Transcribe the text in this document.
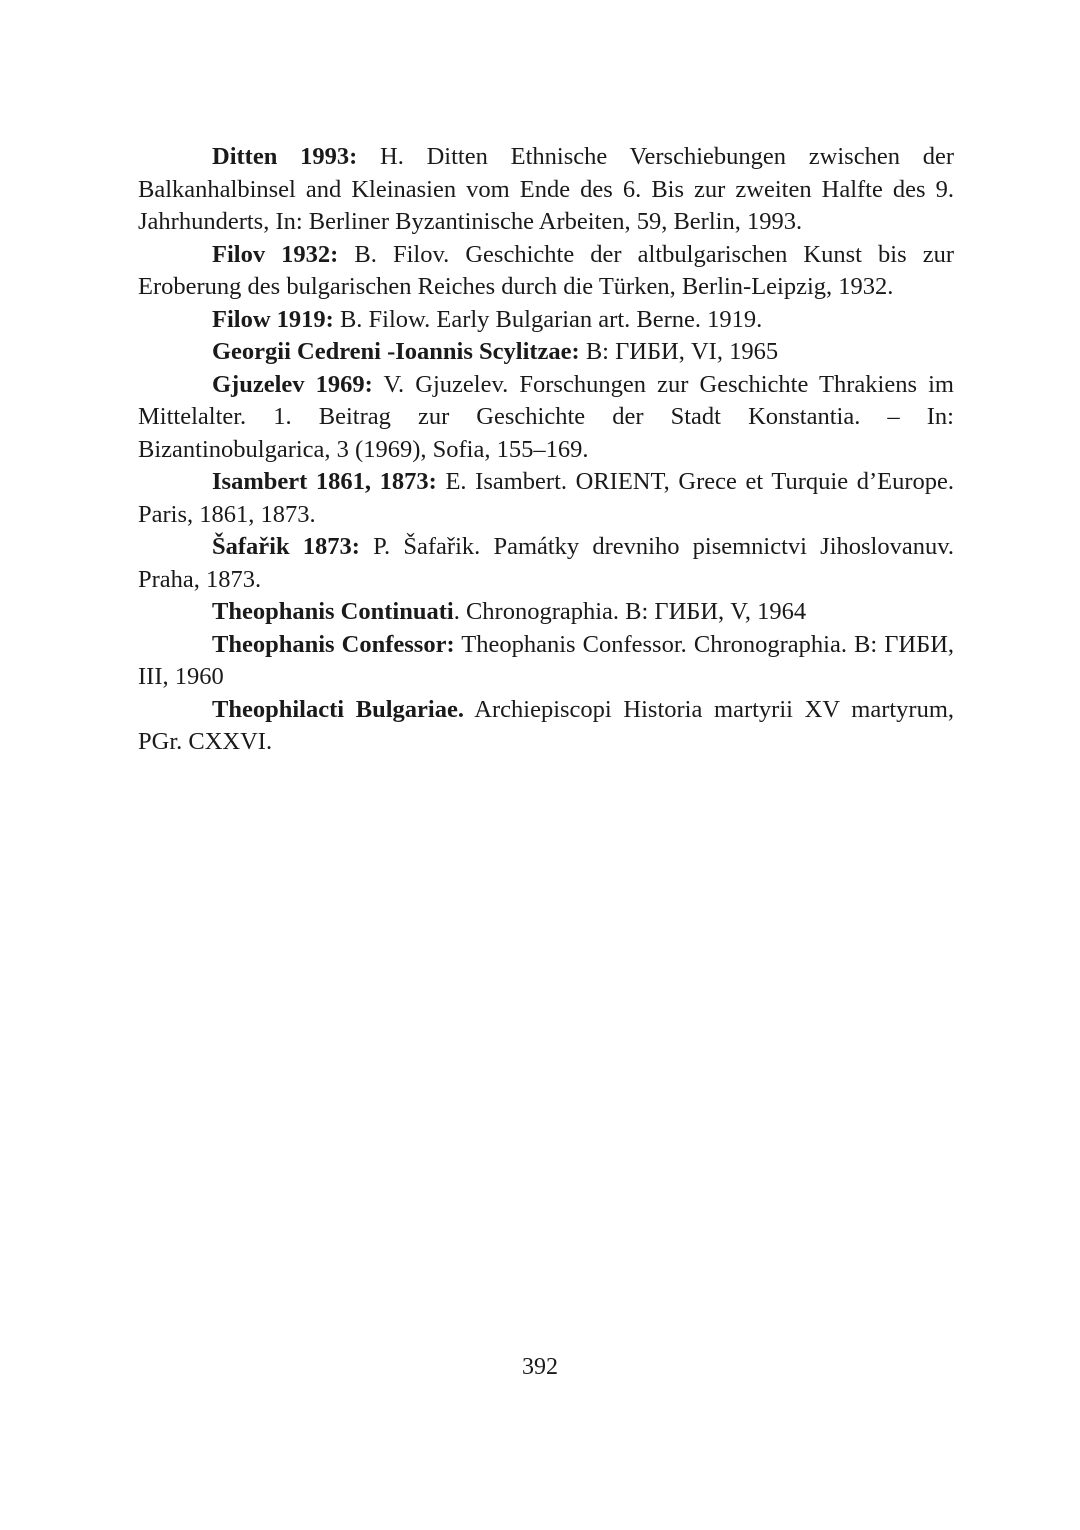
Ditten 1993: H. Ditten Ethnische Verschiebungen zwischen der Balkanhalbinsel and Kleinasien vom Ende des 6. Bis zur zweiten Halfte des 9. Jahrhunderts, In: Berliner Byzantinische Arbeiten, 59, Berlin, 1993.

Filov 1932: B. Filov. Geschichte der altbulgarischen Kunst bis zur Eroberung des bulgarischen Reiches durch die Türken, Berlin-Leipzig, 1932.

Filow 1919: B. Filow. Early Bulgarian art. Berne. 1919.

Georgii Cedreni -Ioannis Scylitzae: B: ГИБИ, VI, 1965

Gjuzelev 1969: V. Gjuzelev. Forschungen zur Geschichte Thrakiens im Mittelalter. 1. Beitrag zur Geschichte der Stadt Konstantia. – In: Bizantinobulgarica, 3 (1969), Sofia, 155–169.

Isambert 1861, 1873: E. Isambert. ORIENT, Grece et Turquie d’Europe. Paris, 1861, 1873.

Šafařik 1873: P. Šafařik. Památky drevniho pisemnictvi Jihoslovanuv. Praha, 1873.

Theophanis Continuati. Chronographia. B: ГИБИ, V, 1964

Theophanis Confessor: Theophanis Confessor. Chronographia. B: ГИБИ, III, 1960

Theophilacti Bulgariae. Archiepiscopi Historia martyrii XV martyrum, PGr. CXXVI.

392
